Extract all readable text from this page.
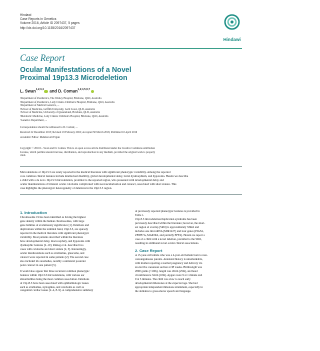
Hindawi
Case Reports in Genetics
Volume 2016, Article ID 2097437, 5 pages
http://dx.doi.org/10.1155/2016/2097437
Hindawi
Case Report
Ocular Manifestations of a Novel
Proximal 19p13.3 Microdeletion
L. Swan$^{1,2,3,4}$ and D. Coman$^{1,2,4,5,6,7}$
¹Department of Paediatrics, The Wesley Hospital, Brisbane, QLD, Australia
²Department of Paediatrics, Lady Cilento Children's Hospital, Brisbane, QLD, Australia
³Department of Medical Genetics, ...
⁴School of Medicine, Griffith University, Gold Coast, QLD, Australia
⁵School of Medicine, University of Queensland, Brisbane, QLD, Australia
⁶Metabolic Medicine, Lady Cilento Children's Hospital, Brisbane, QLD, Australia
⁷Genetics Department, ...
Correspondence should be addressed to D. Coman; ...
Received 22 December 2015; Revised 19 February 2016; Accepted 30 March 2016; Published 10 April 2016
Academic Editor: Mehmet Ali Ergun
Copyright © 2016 L. Swan and D. Coman. This is an open access article distributed under the Creative Commons Attribution
License, which permits unrestricted use, distribution, and reproduction in any medium, provided the original work is properly
cited.
Microdeletions of 19p13.3 are rarely reported in the medical literature with significant phenotypic variability. Among the reported
core common clinical features include intellectual disability, global developmental delay, facial dysmorphism, and hypotonia. Herein we describe
a child with a de novo 19p13.3 microdeletion, proximal to the reported region, who presented with developmental delay and
ocular manifestations of bilateral ocular coloboma complicated with neovascularisation and cataract, associated with short stature. This
case highlights the phenotypic heterogeneity of deletions in the 19p13.3 region.
1. Introduction
Chromosome 19 has been identified as having the highest
gene density within the human chromosomes, with large
gene families of evolutionary significance [1]. Deletions and
duplications within the terminal band, 19p13.3, are sparsely
reported in the medical literature with significant phenotypic
variability. Most patients described within the literature
have developmental delay, macrocephaly, and hypotonia with
dysmorphic features [2–10]. Risheg et al. described two
cases with coloboma and short stature [2, 5]. Interestingly,
ocular manifestations such as strabismus, glaucoma, and
cataract were reported in some patients [2]. The second case
also included iris anomalies, notably a unilateral posterior
polar cataract in one patient [5].
It would also appear that three recurrent common phenotypic
features within 19p13.3 microdeletions, with various ear
abnormalities being the most common association. Deletions
of 19p13.3 have been associated with ophthalmologic issues
such as strabismus, nystagmus, and coloboma as well as
congenital cardiac issues [2–4, 8–9]. A comprehensive summary
of previously reported phenotypic features is provided in
Table 1.
19p13.3 microdeletion/duplication syndrome has been
previously described within the literature; however, the short-
est region of overlap (SRO) is approximately 334kb and
includes one microRNA (MIR1227) and four genes (PIAS4,
ZBTB7A, MAP2K2, and partially EFE2). Herein we report a
case of a child with a novel deletion, proximal to the SRO,
resulting in additional novel ocular clinical associations.
2. Case Report
A 15-year-old female who was a 4-year-old female born to non-
consanguineous parents. Antenatal history is unremarkable,
with mother reporting a normal pregnancy and delivery via
an elective caesarean section at 38 weeks. Birthweight was
2800 grams (<10th), length was 49cm (25th), and head
circumference 34cm (10th). Apgars were 9 at 1 minute and
9 at 5 minutes. The child was slow to reach early
developmental milestones at the expected age. She had
appropriate independent milestone attainment, especially in
the domains to gross-motor speech and language.
